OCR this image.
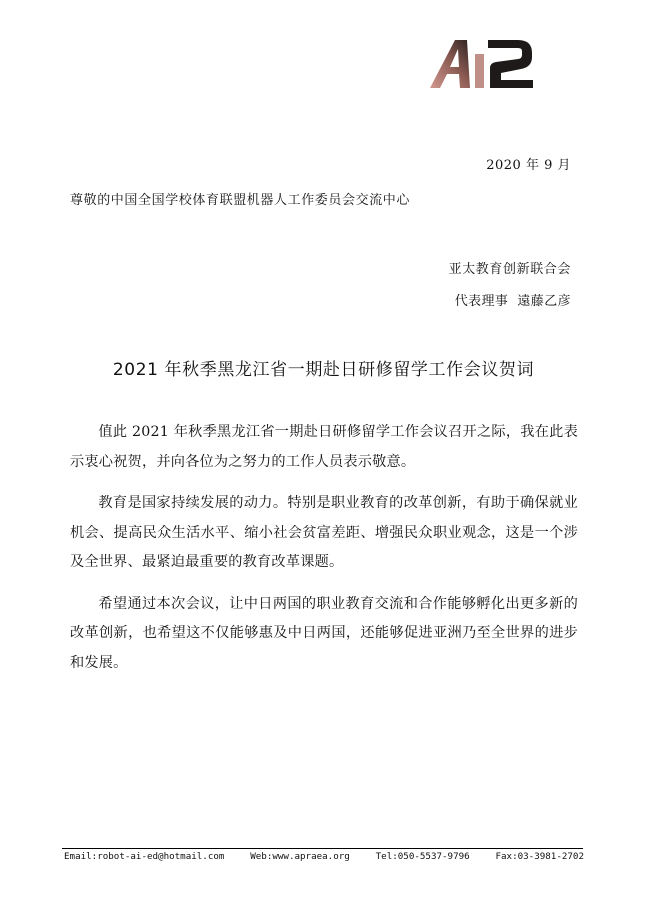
2020 年 9 月
尊敬的中国全国学校体育联盟机器人工作委员会交流中心
亚太教育创新联合会
代表理事  遠藤乙彦
2021 年秋季黑龙江省一期赴日研修留学工作会议贺词

值此 2021 年秋季黑龙江省一期赴日研修留学工作会议召开之际，我在此表示衷心祝贺，并向各位为之努力的工作人员表示敬意。

教育是国家持续发展的动力。特别是职业教育的改革创新，有助于确保就业机会、提高民众生活水平、缩小社会贫富差距、增强民众职业观念，这是一个涉及全世界、最紧迫最重要的教育改革课题。

希望通过本次会议，让中日两国的职业教育交流和合作能够孵化出更多新的改革创新，也希望这不仅能够惠及中日两国，还能够促进亚洲乃至全世界的进步和发展。

Email:robot-ai-ed@hotmail.com	Web:www.apraea.org	Tel:050-5537-9796	Fax:03-3981-2702
